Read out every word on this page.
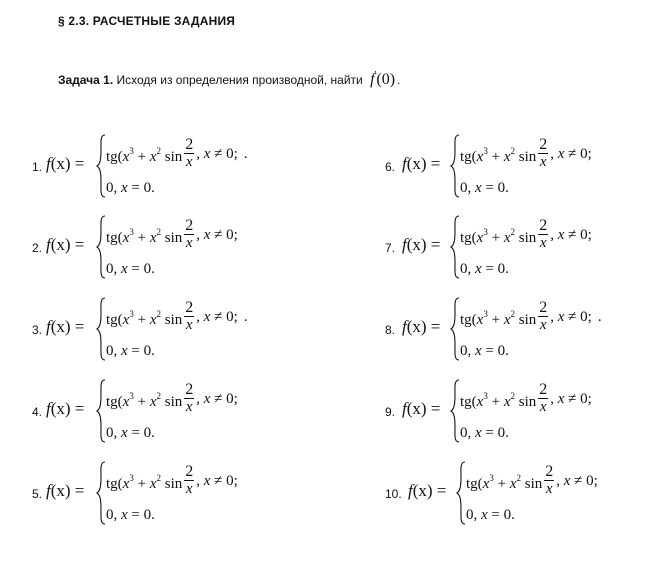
§ 2.3. РАСЧЕТНЫЕ ЗАДАНИЯ
Задача 1. Исходя из определения производной, найти f'(0) .
1. $f(x) = tg(x^3 + x^2$ $\sin \frac{2}{x}$ , x ≠ 0; .
0, x = 0.
2. $f(x) = tg(x^3 + x^2$ $\sin \frac{2}{x}$ , x ≠ 0;
0, x = 0.
3. $f(x) = tg(x^3 + x^2$ $\sin \frac{2}{x}$ , x ≠ 0; .
0, x = 0.
4. $f(x) = tg(x^3 + x^2$ $\sin \frac{2}{x}$ , x ≠ 0;
0, x = 0.
5. $f(x) = tg(x^3 + x^2$ $\sin \frac{2}{x}$ , x ≠ 0;
0, x = 0.
6. $f(x) = tg(x^3 + x^2$ $\sin \frac{2}{x}$ , x ≠ 0;
0, x = 0.
7. $f(x) = tg(x^3 + x^2$ $\sin \frac{2}{x}$ , x ≠ 0;
0, x = 0.
8. $f(x) = tg(x^3 + x^2$ $\sin \frac{2}{x}$ , x ≠ 0; .
0, x = 0.
9. $f(x) = tg(x^3 + x^2$ $\sin \frac{2}{x}$ , x ≠ 0;
0, x = 0.
10. $f(x) = tg(x^3 + x^2$ $\sin \frac{2}{x}$ , x ≠ 0;
0, x = 0.
